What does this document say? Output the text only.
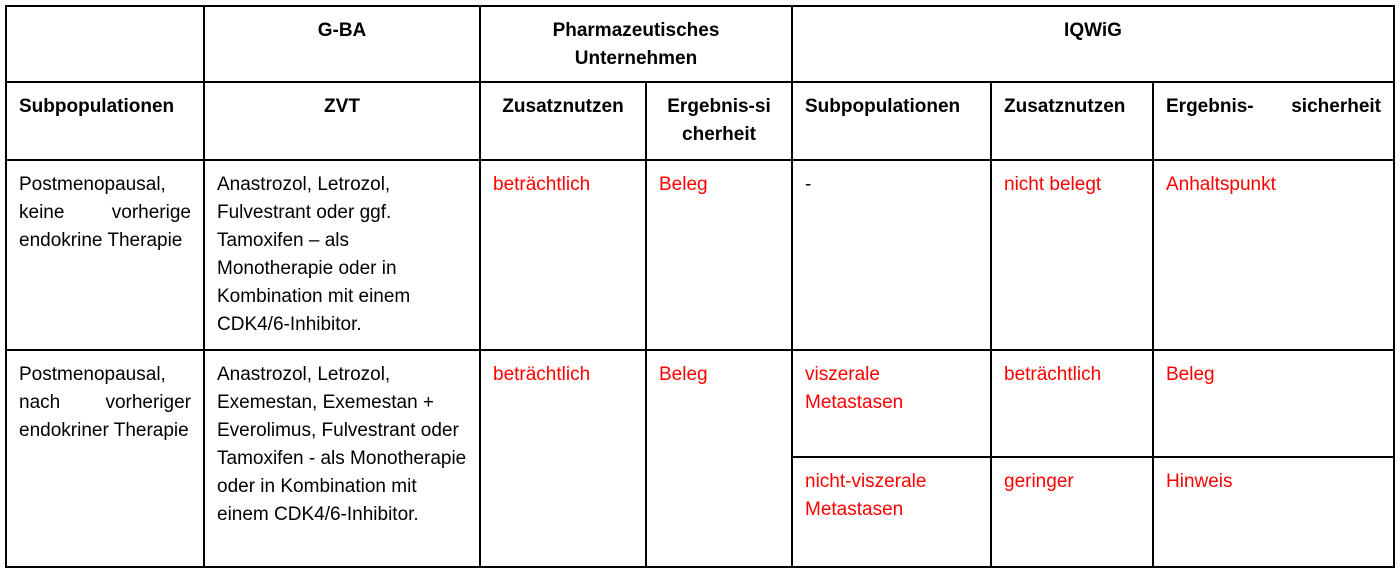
	G-BA	Pharmazeutisches Unternehmen		IQWiG		
Subpopulationen	ZVT	Zusatznutzen	Ergebnis-sicherheit	Subpopulationen	Zusatznutzen	Ergebnis- sicherheit
Postmenopausal, keine vorherige endokrine Therapie	Anastrozol, Letrozol, Fulvestrant oder ggf. Tamoxifen – als Monotherapie oder in Kombination mit einem CDK4/6-Inhibitor.	beträchtlich	Beleg	-	nicht belegt	Anhaltspunkt
Postmenopausal, nach vorheriger endokriner Therapie	Anastrozol, Letrozol, Exemestan, Exemestan + Everolimus, Fulvestrant oder Tamoxifen - als Monotherapie oder in Kombination mit einem CDK4/6-Inhibitor.	beträchtlich	Beleg	viszerale Metastasen	beträchtlich	Beleg
				nicht-viszerale Metastasen	geringer	Hinweis
